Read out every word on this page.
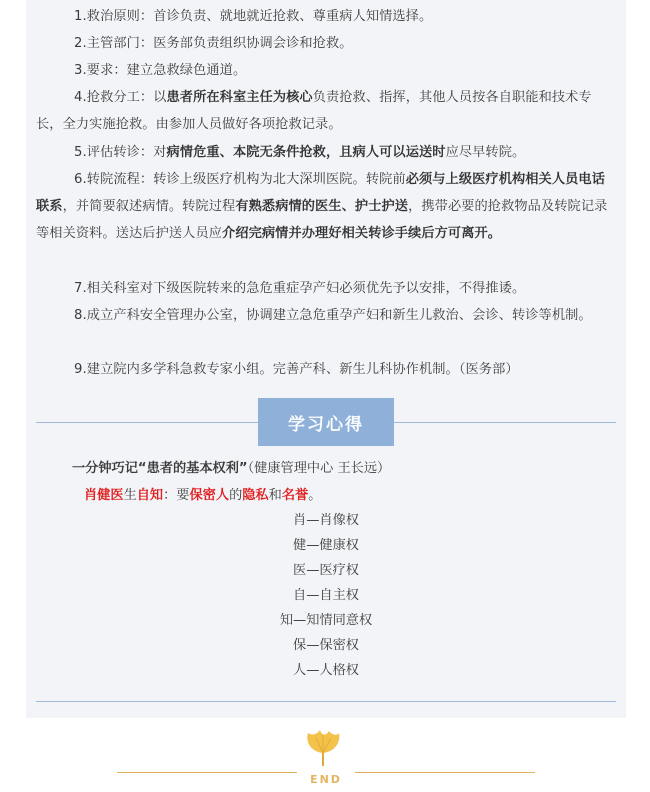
1.救治原则：首诊负责、就地就近抢救、尊重病人知情选择。

2.主管部门：医务部负责组织协调会诊和抢救。

3.要求：建立急救绿色通道。

4.抢救分工：以患者所在科室主任为核心负责抢救、指挥，其他人员按各自职能和技术专长，全力实施抢救。由参加人员做好各项抢救记录。

5.评估转诊：对病情危重、本院无条件抢救，且病人可以运送时应尽早转院。

6.转院流程：转诊上级医疗机构为北大深圳医院。转院前必须与上级医疗机构相关人员电话联系，并简要叙述病情。转院过程有熟悉病情的医生、护士护送，携带必要的抢救物品及转院记录等相关资料。送达后护送人员应介绍完病情并办理好相关转诊手续后方可离开。

7.相关科室对下级医院转来的急危重症孕产妇必须优先予以安排，不得推诿。

8.成立产科安全管理办公室，协调建立急危重孕产妇和新生儿救治、会诊、转诊等机制。

9.建立院内多学科急救专家小组。完善产科、新生儿科协作机制。（医务部）

学习心得
一分钟巧记“患者的基本权利”（健康管理中心 王长远）
肖健医生自知：要保密人的隐私和名誉。
肖—肖像权
健—健康权
医—医疗权
自—自主权
知—知情同意权
保—保密权
人—人格权
END
